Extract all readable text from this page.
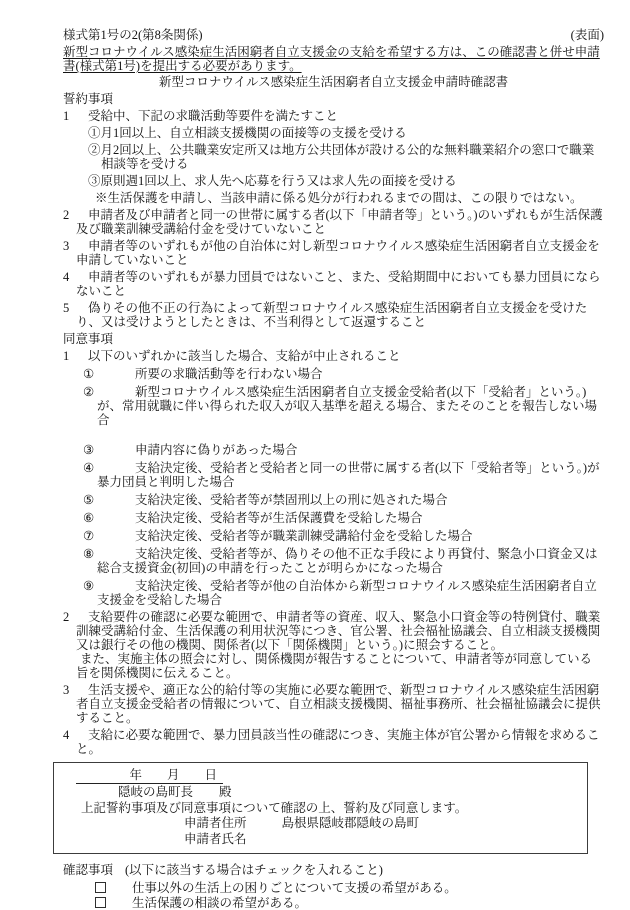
様式第1号の2(第8条関係)	(表面)
新型コロナウイルス感染症生活困窮者自立支援金の支給を希望する方は、この確認書と併せ申請書(様式第1号)を提出する必要があります。
新型コロナウイルス感染症生活困窮者自立支援金申請時確認書
誓約事項
1 受給中、下記の求職活動等要件を満たすこと
①月1回以上、自立相談支援機関の面接等の支援を受ける
②月2回以上、公共職業安定所又は地方公共団体が設ける公的な無料職業紹介の窓口で職業相談等を受ける
③原則週1回以上、求人先へ応募を行う又は求人先の面接を受ける
※生活保護を申請し、当該申請に係る処分が行われるまでの間は、この限りではない。
2 申請者及び申請者と同一の世帯に属する者(以下「申請者等」という。)のいずれもが生活保護及び職業訓練受講給付金を受けていないこと
3 申請者等のいずれもが他の自治体に対し新型コロナウイルス感染症生活困窮者自立支援金を申請していないこと
4 申請者等のいずれもが暴力団員ではないこと、また、受給期間中においても暴力団員にならないこと
5 偽りその他不正の行為によって新型コロナウイルス感染症生活困窮者自立支援金を受けたり、又は受けようとしたときは、不当利得として返還すること
同意事項
1 以下のいずれかに該当した場合、支給が中止されること
①	所要の求職活動等を行わない場合
②	新型コロナウイルス感染症生活困窮者自立支援金受給者(以下「受給者」という。)が、常用就職に伴い得られた収入が収入基準を超える場合、またそのことを報告しない場合
③	申請内容に偽りがあった場合
④	支給決定後、受給者と受給者と同一の世帯に属する者(以下「受給者等」という。)が暴力団員と判明した場合
⑤	支給決定後、受給者等が禁固刑以上の刑に処された場合
⑥	支給決定後、受給者等が生活保護費を受給した場合
⑦	支給決定後、受給者等が職業訓練受講給付金を受給した場合
⑧	支給決定後、受給者等が、偽りその他不正な手段により再貸付、緊急小口資金又は総合支援資金(初回)の申請を行ったことが明らかになった場合
⑨	支給決定後、受給者等が他の自治体から新型コロナウイルス感染症生活困窮者自立支援金を受給した場合
2 支給要件の確認に必要な範囲で、申請者等の資産、収入、緊急小口資金等の特例貸付、職業訓練受講給付金、生活保護の利用状況等につき、官公署、社会福祉協議会、自立相談支援機関又は銀行その他の機関、関係者(以下「関係機関」という。)に照会すること。
また、実施主体の照会に対し、関係機関が報告することについて、申請者等が同意している旨を関係機関に伝えること。
3 生活支援や、適正な公的給付等の実施に必要な範囲で、新型コロナウイルス感染症生活困窮者自立支援金受給者の情報について、自立相談支援機関、福祉事務所、社会福祉協議会に提供すること。
4 支給に必要な範囲で、暴力団員該当性の確認につき、実施主体が官公署から情報を求めること。
年　　月　　日
隠岐の島町長 殿
上記誓約事項及び同意事項について確認の上、誓約及び同意します。
申請者住所	島根県隠岐郡隠岐の島町
申請者氏名
確認事項 (以下に該当する場合はチェックを入れること)
仕事以外の生活上の困りごとについて支援の希望がある。
生活保護の相談の希望がある。
